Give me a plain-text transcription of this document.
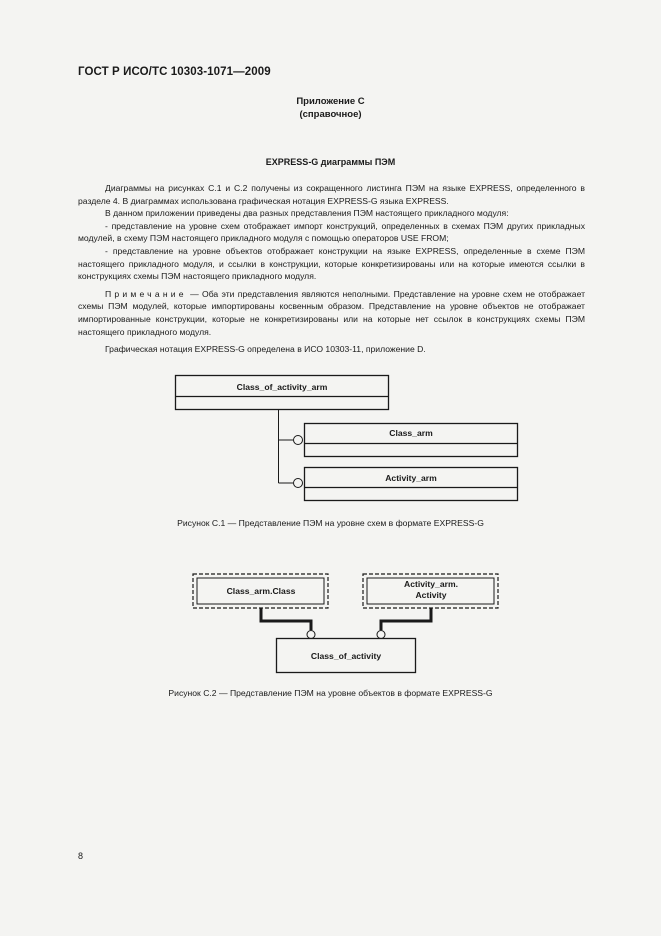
ГОСТ Р ИСО/ТС 10303-1071—2009
Приложение С
(справочное)
EXPRESS-G диаграммы ПЭМ

Диаграммы на рисунках С.1 и С.2 получены из сокращенного листинга ПЭМ на языке EXPRESS, определенного в разделе 4. В диаграммах использована графическая нотация EXPRESS-G языка EXPRESS.

В данном приложении приведены два разных представления ПЭМ настоящего прикладного модуля:

- представление на уровне схем отображает импорт конструкций, определенных в схемах ПЭМ других прикладных модулей, в схему ПЭМ настоящего прикладного модуля с помощью операторов USE FROM;

- представление на уровне объектов отображает конструкции на языке EXPRESS, определенные в схеме ПЭМ настоящего прикладного модуля, и ссылки в конструкции, которые конкретизированы или на которые имеются ссылки в конструкциях схемы ПЭМ настоящего прикладного модуля.

Примечание — Оба эти представления являются неполными. Представление на уровне схем не отображает схемы ПЭМ модулей, которые импортированы косвенным образом. Представление на уровне объектов не отображает импортированные конструкции, которые не конкретизированы или на которые нет ссылок в конструкциях схемы ПЭМ настоящего прикладного модуля.

Графическая нотация EXPRESS-G определена в ИСО 10303-11, приложение D.

Class_of_activity_arm
Class_arm
Activity_arm
Рисунок С.1 — Представление ПЭМ на уровне схем в формате EXPRESS-G
Class_arm.Class
Activity_arm.
Activity
Class_of_activity
Рисунок С.2 — Представление ПЭМ на уровне объектов в формате EXPRESS-G
8
